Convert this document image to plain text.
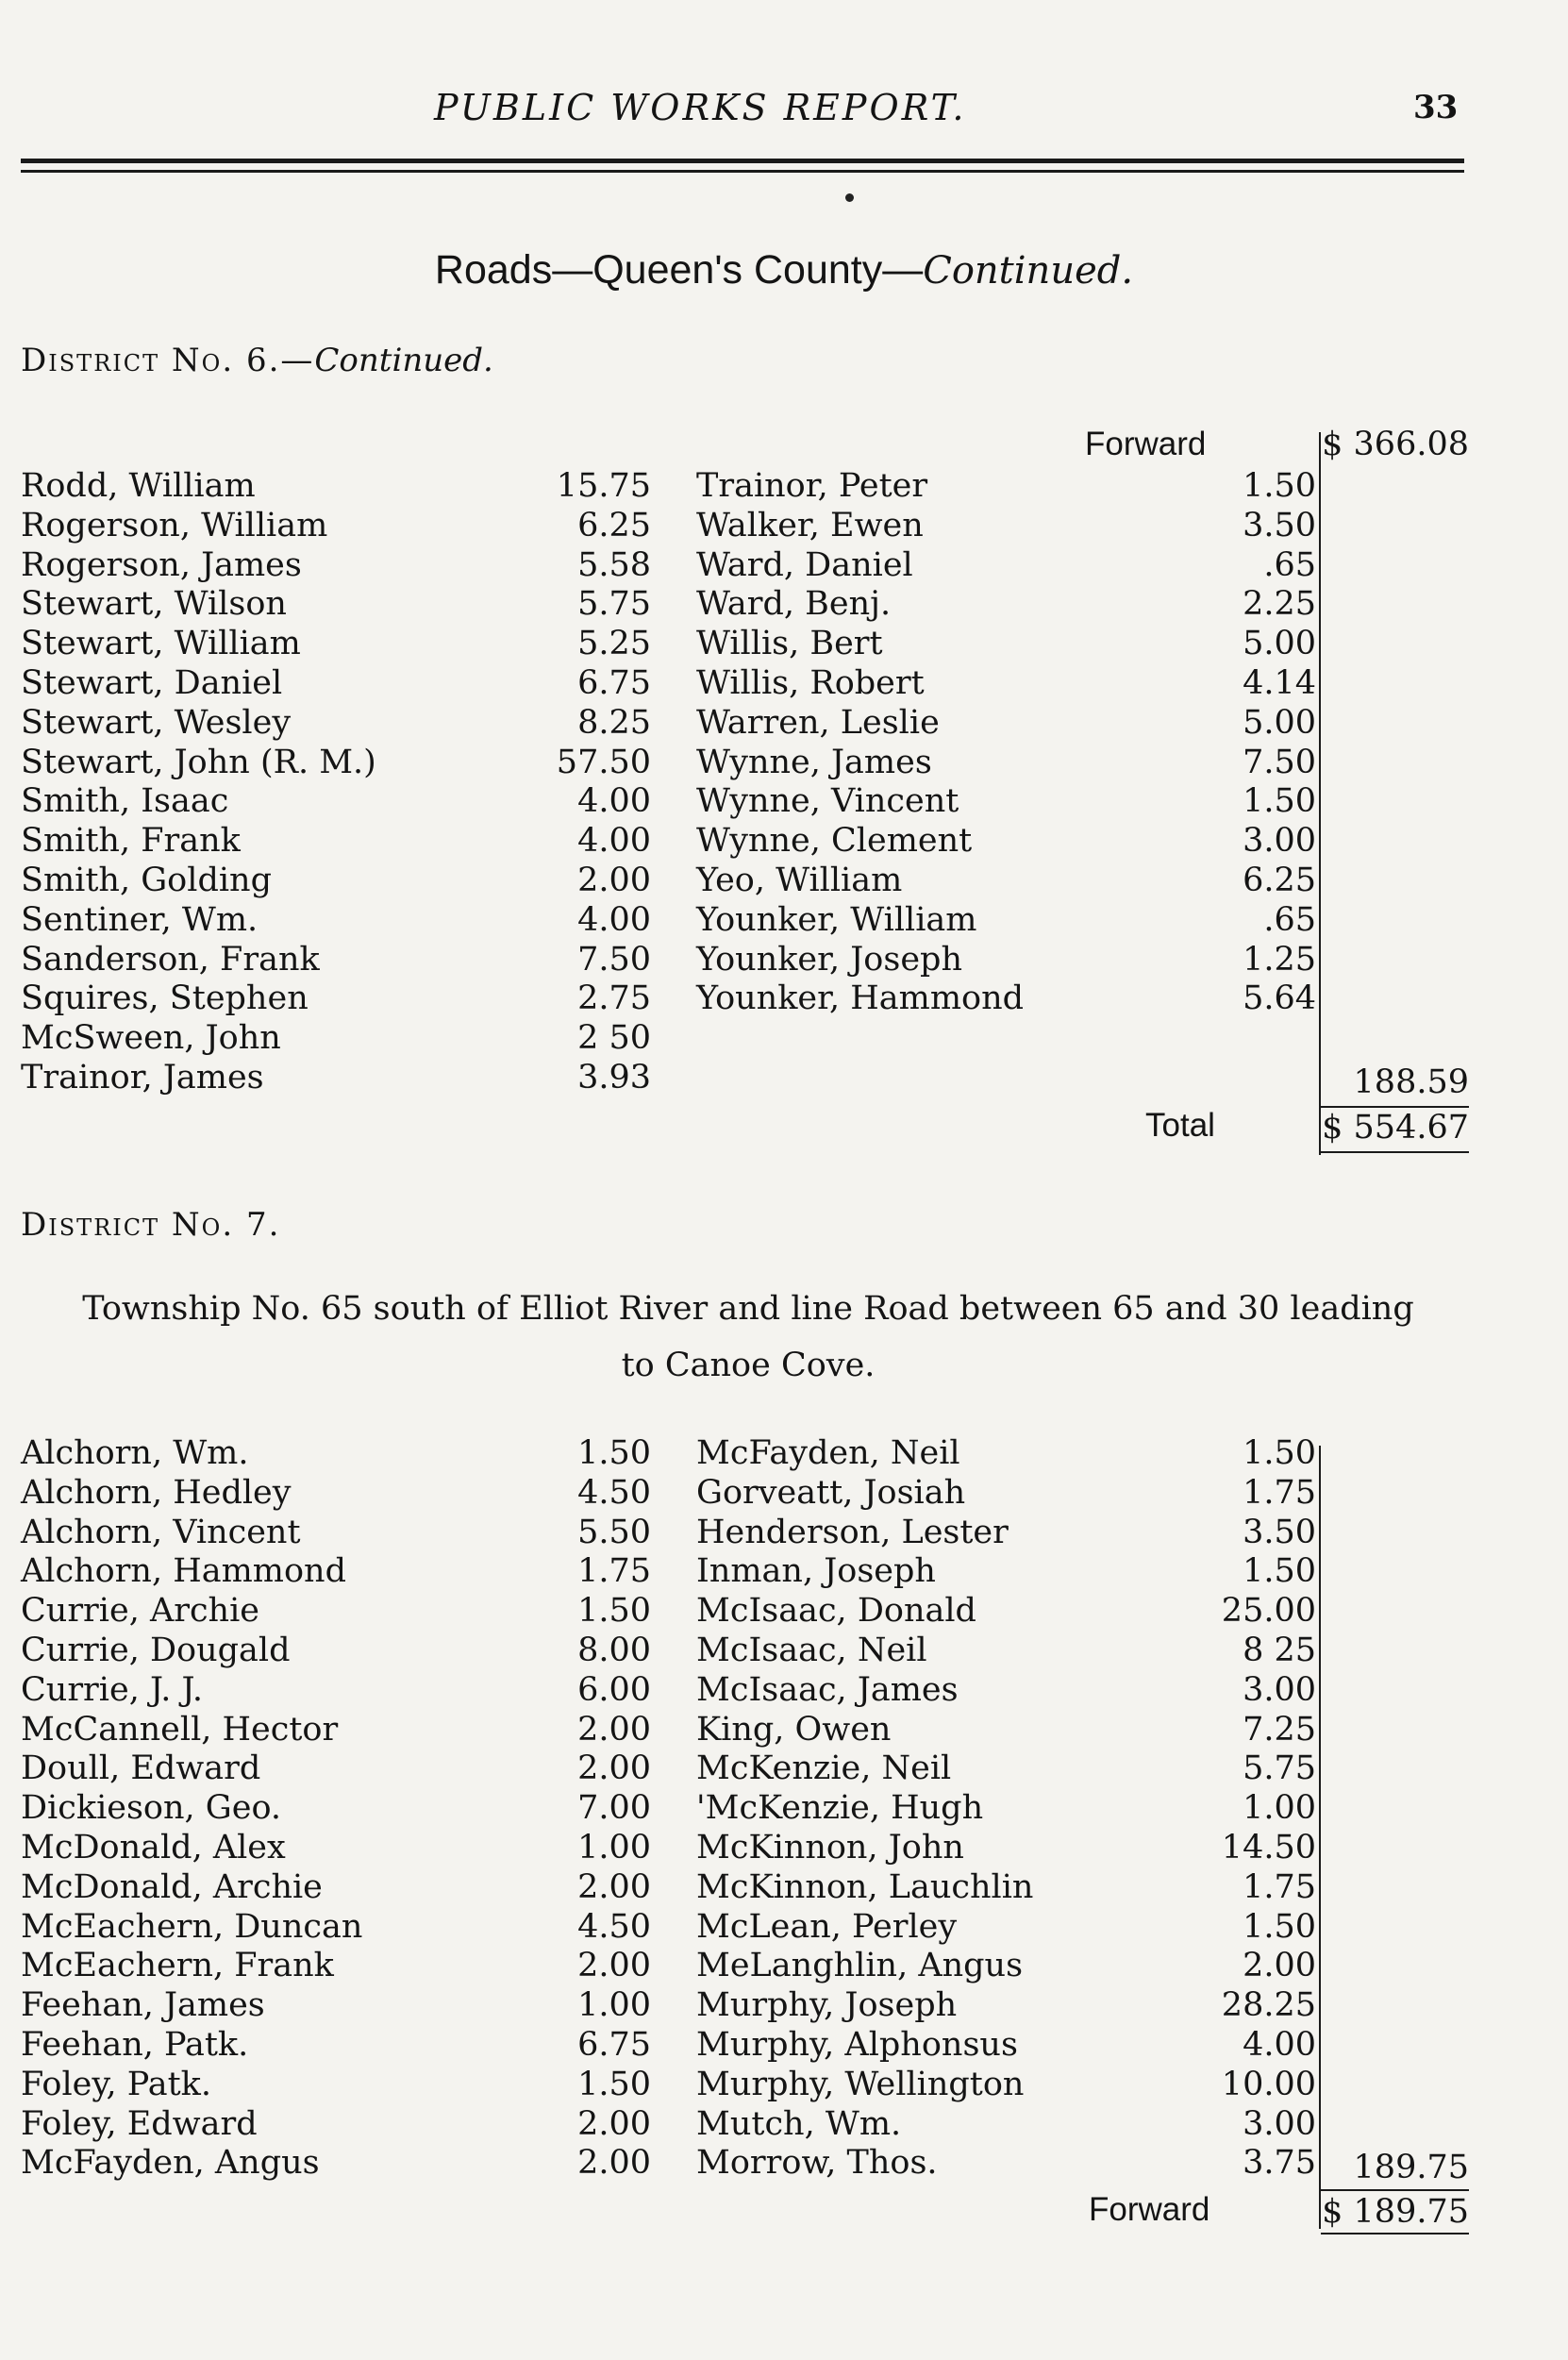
PUBLIC WORKS REPORT.	33
Roads—Queen's County—Continued.
District No. 6.—Continued.
Forward	$ 366.08
Rodd, William	15.75
Rogerson, William	6.25
Rogerson, James	5.58
Stewart, Wilson	5.75
Stewart, William	5.25
Stewart, Daniel	6.75
Stewart, Wesley	8.25
Stewart, John (R. M.)	57.50
Smith, Isaac	4.00
Smith, Frank	4.00
Smith, Golding	2.00
Sentiner, Wm.	4.00
Sanderson, Frank	7.50
Squires, Stephen	2.75
McSween, John	2 50
Trainor, James	3.93
Trainor, Peter	1.50
Walker, Ewen	3.50
Ward, Daniel	.65
Ward, Benj.	2.25
Willis, Bert	5.00
Willis, Robert	4.14
Warren, Leslie	5.00
Wynne, James	7.50
Wynne, Vincent	1.50
Wynne, Clement	3.00
Yeo, William	6.25
Younker, William	.65
Younker, Joseph	1.25
Younker, Hammond	5.64
188.59
Total	$ 554.67
District No. 7.
Township No. 65 south of Elliot River and line Road between 65 and 30 leading
to Canoe Cove.
Alchorn, Wm.	1.50
Alchorn, Hedley	4.50
Alchorn, Vincent	5.50
Alchorn, Hammond	1.75
Currie, Archie	1.50
Currie, Dougald	8.00
Currie, J. J.	6.00
McCannell, Hector	2.00
Doull, Edward	2.00
Dickieson, Geo.	7.00
McDonald, Alex	1.00
McDonald, Archie	2.00
McEachern, Duncan	4.50
McEachern, Frank	2.00
Feehan, James	1.00
Feehan, Patk.	6.75
Foley, Patk.	1.50
Foley, Edward	2.00
McFayden, Angus	2.00
McFayden, Neil	1.50
Gorveatt, Josiah	1.75
Henderson, Lester	3.50
Inman, Joseph	1.50
McIsaac, Donald	25.00
McIsaac, Neil	8 25
McIsaac, James	3.00
King, Owen	7.25
McKenzie, Neil	5.75
'McKenzie, Hugh	1.00
McKinnon, John	14.50
McKinnon, Lauchlin	1.75
McLean, Perley	1.50
MeLanghlin, Angus	2.00
Murphy, Joseph	28.25
Murphy, Alphonsus	4.00
Murphy, Wellington	10.00
Mutch, Wm.	3.00
Morrow, Thos.	3.75	189.75
Forward	$ 189.75
